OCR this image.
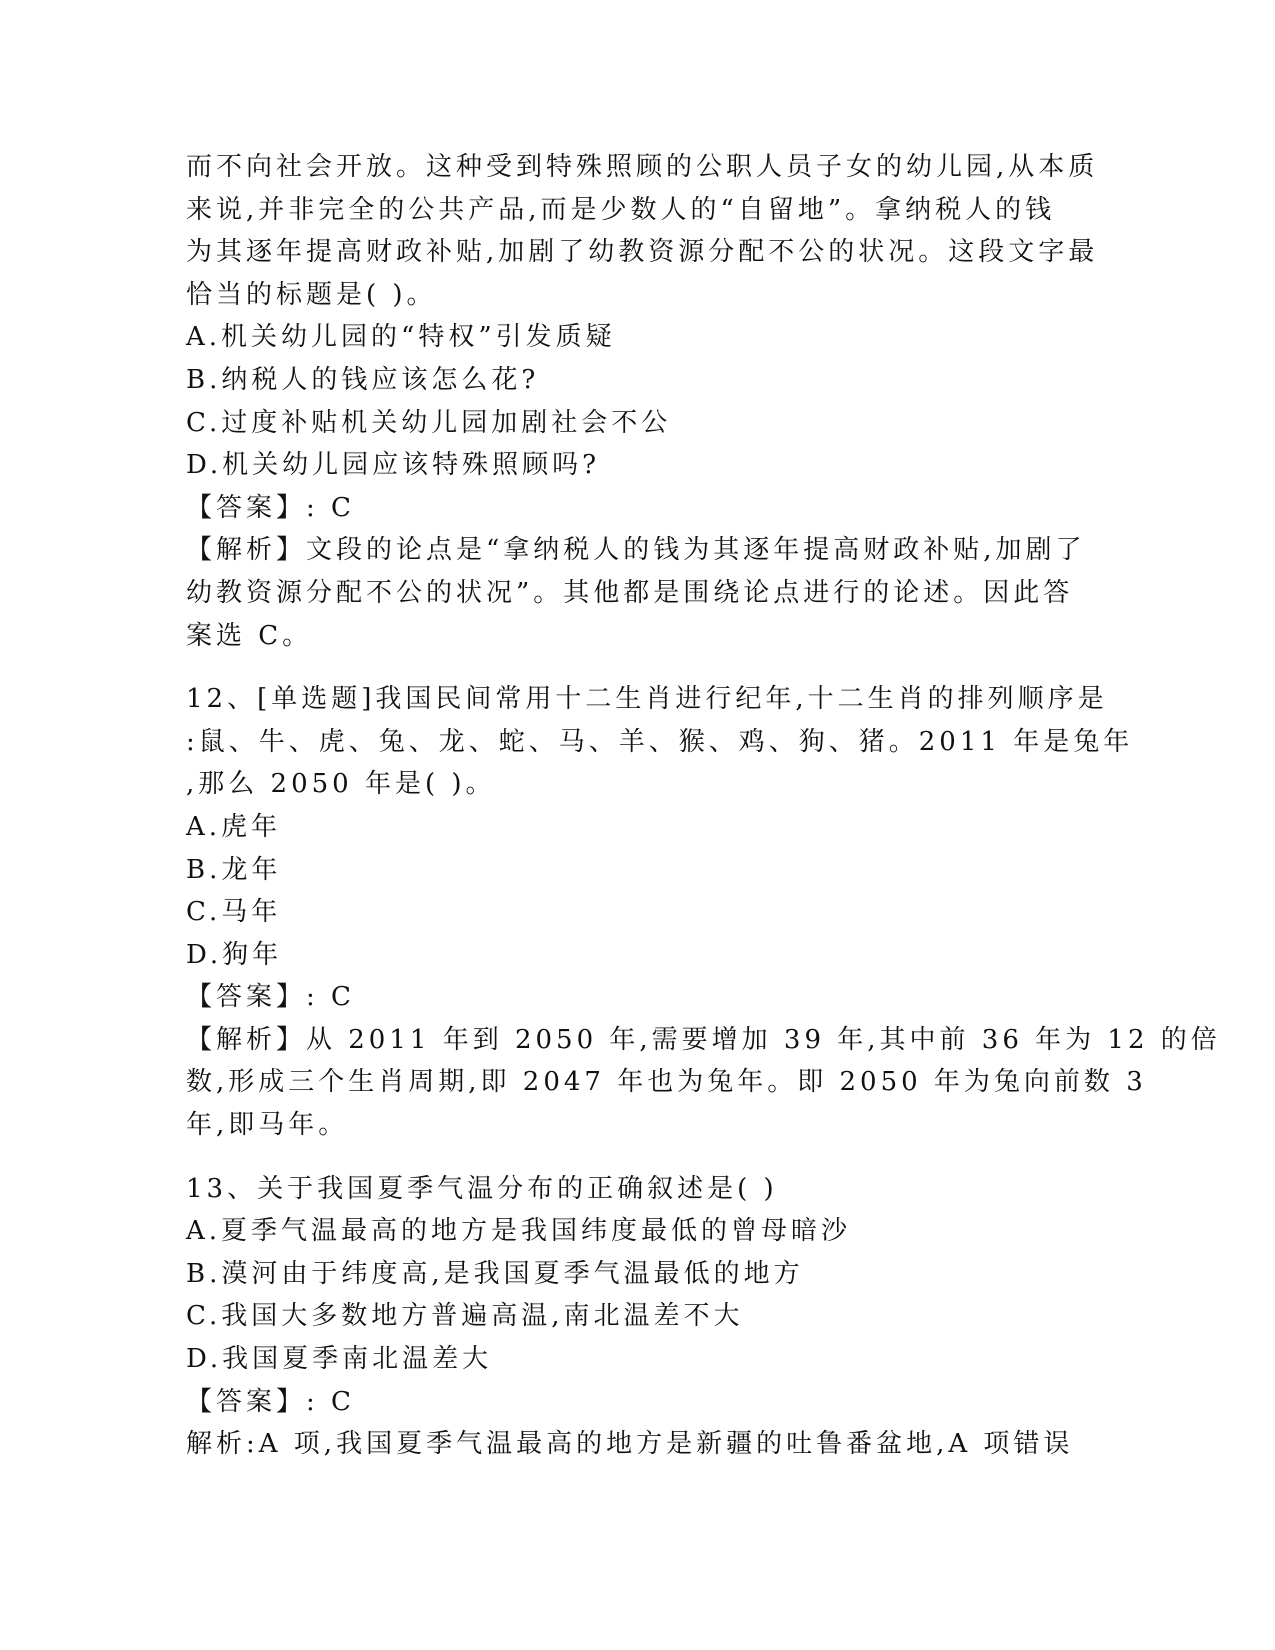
而不向社会开放。这种受到特殊照顾的公职人员子女的幼儿园,从本质
来说,并非完全的公共产品,而是少数人的“自留地”。拿纳税人的钱
为其逐年提高财政补贴,加剧了幼教资源分配不公的状况。这段文字最
恰当的标题是( )。
A.机关幼儿园的“特权”引发质疑
B.纳税人的钱应该怎么花?
C.过度补贴机关幼儿园加剧社会不公
D.机关幼儿园应该特殊照顾吗?
【答案】: C
【解析】文段的论点是“拿纳税人的钱为其逐年提高财政补贴,加剧了
幼教资源分配不公的状况”。其他都是围绕论点进行的论述。因此答
案选 C。
12、[单选题]我国民间常用十二生肖进行纪年,十二生肖的排列顺序是
:鼠、牛、虎、兔、龙、蛇、马、羊、猴、鸡、狗、猪。2011 年是兔年
,那么 2050 年是( )。
A.虎年
B.龙年
C.马年
D.狗年
【答案】: C
【解析】从 2011 年到 2050 年,需要增加 39 年,其中前 36 年为 12 的倍
数,形成三个生肖周期,即 2047 年也为兔年。即 2050 年为兔向前数 3
年,即马年。
13、关于我国夏季气温分布的正确叙述是( )
A.夏季气温最高的地方是我国纬度最低的曾母暗沙
B.漠河由于纬度高,是我国夏季气温最低的地方
C.我国大多数地方普遍高温,南北温差不大
D.我国夏季南北温差大
【答案】: C
解析:A 项,我国夏季气温最高的地方是新疆的吐鲁番盆地,A 项错误
